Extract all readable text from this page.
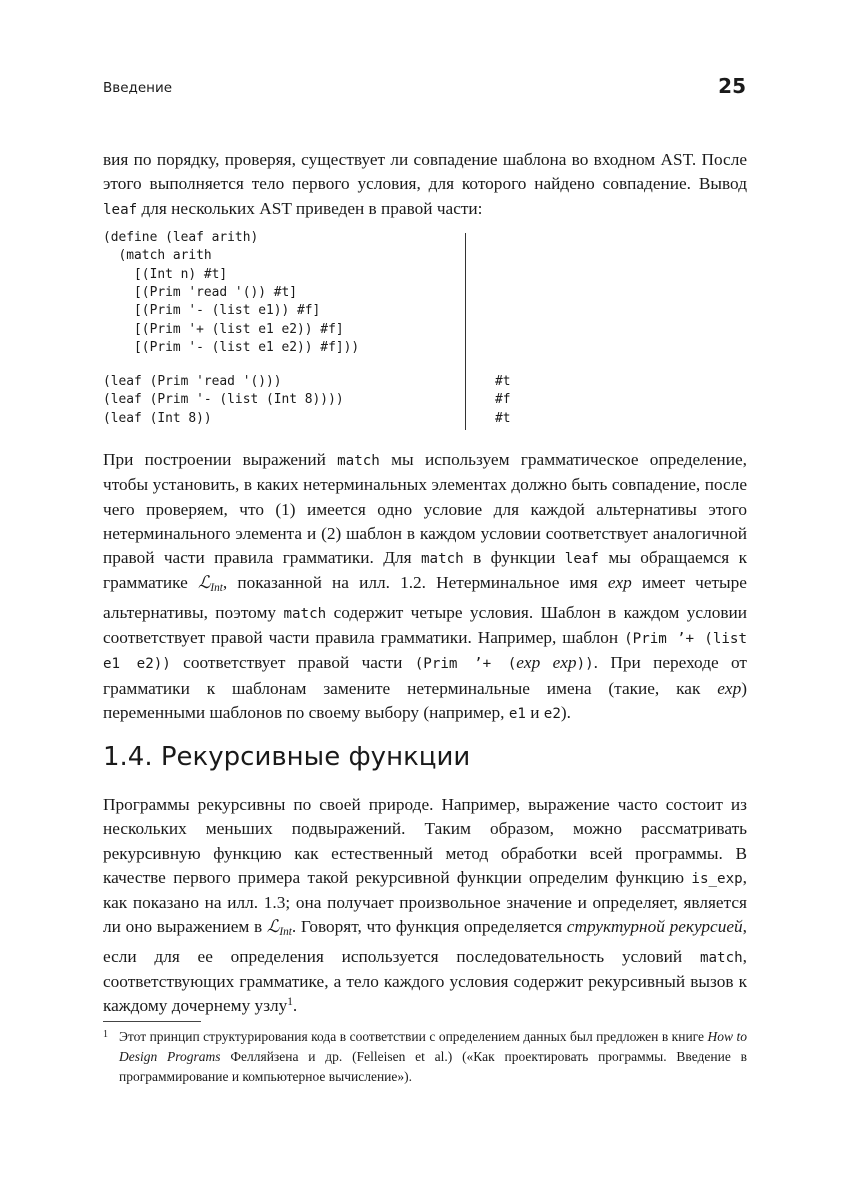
Введение	25
вия по порядку, проверяя, существует ли совпадение шаблона во входном AST. После этого выполняется тело первого условия, для которого найдено совпадение. Вывод leaf для нескольких AST приведен в правой части:
(define (leaf arith)
(match arith
[(Int n) #t]
[(Prim 'read '()) #t]
[(Prim '- (list e1)) #f]
[(Prim '+ (list e1 e2)) #f]
[(Prim '- (list e1 e2)) #f]))
(leaf (Prim 'read '()))	#t
(leaf (Prim '- (list (Int 8))))	#f
(leaf (Int 8))	#t
При построении выражений match мы используем грамматическое определение, чтобы установить, в каких нетерминальных элементах должно быть совпадение, после чего проверяем, что (1) имеется одно условие для каждой альтернативы этого нетерминального элемента и (2) шаблон в каждом условии соответствует аналогичной правой части правила грамматики. Для match в функции leaf мы обращаемся к грамматике ℒ$_{Int}$, показанной на илл. 1.2. Нетерминальное имя exp имеет четыре альтернативы, поэтому match содержит четыре условия. Шаблон в каждом условии соответствует правой части правила грамматики. Например, шаблон (Prim ’+ (list e1 e2)) соответствует правой части (Prim ’+ (exp exp)). При переходе от грамматики к шаблонам замените нетерминальные имена (такие, как exp) переменными шаблонов по своему выбору (например, e1 и e2).
1.4. Рекурсивные функции
Программы рекурсивны по своей природе. Например, выражение часто состоит из нескольких меньших подвыражений. Таким образом, можно рассматривать рекурсивную функцию как естественный метод обработки всей программы. В качестве первого примера такой рекурсивной функции определим функцию is_exp, как показано на илл. 1.3; она получает произвольное значение и определяет, является ли оно выражением в ℒ$_{Int}$. Говорят, что функция определяется структурной рекурсией, если для ее определения используется последовательность условий match, соответствующих грамматике, а тело каждого условия содержит рекурсивный вызов к каждому дочернему узлу$^1$.
1 Этот принцип структурирования кода в соответствии с определением данных был предложен в книге How to Design Programs Фелляйзена и др. (Felleisen et al.) («Как проектировать программы. Введение в программирование и компьютерное вычисление»).
